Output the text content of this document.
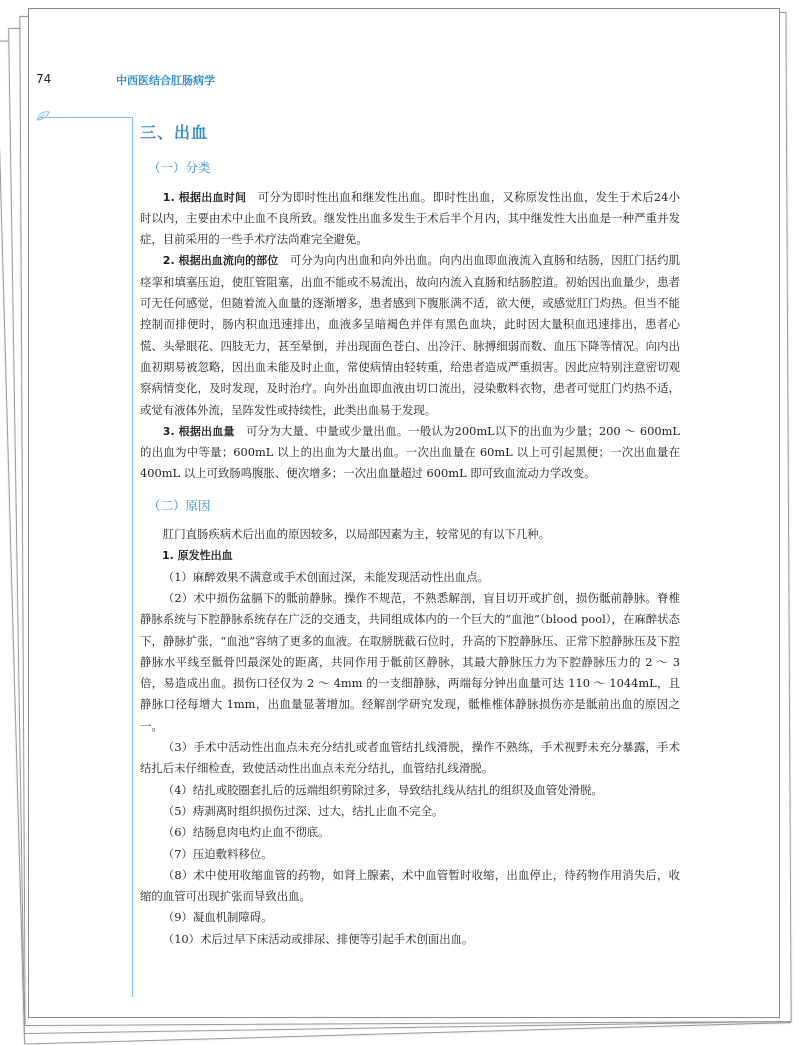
74	中西医结合肛肠病学
三、出血
（一）分类

1. 根据出血时间　可分为即时性出血和继发性出血。即时性出血，又称原发性出血，发生于术后24小时以内，主要由术中止血不良所致。继发性出血多发生于术后半个月内，其中继发性大出血是一种严重并发症，目前采用的一些手术疗法尚难完全避免。

2. 根据出血流向的部位　可分为向内出血和向外出血。向内出血即血液流入直肠和结肠，因肛门括约肌痉挛和填塞压迫，使肛管阻塞，出血不能或不易流出，故向内流入直肠和结肠腔道。初始因出血量少，患者可无任何感觉，但随着流入血量的逐渐增多，患者感到下腹胀满不适，欲大便，或感觉肛门灼热。但当不能控制而排便时，肠内积血迅速排出，血液多呈暗褐色并伴有黑色血块，此时因大量积血迅速排出，患者心慌、头晕眼花、四肢无力，甚至晕倒，并出现面色苍白、出冷汗、脉搏细弱而数、血压下降等情况。向内出血初期易被忽略，因出血未能及时止血，常使病情由轻转重，给患者造成严重损害。因此应特别注意密切观察病情变化，及时发现，及时治疗。向外出血即血液由切口流出，浸染敷料衣物，患者可觉肛门灼热不适，或觉有液体外流，呈阵发性或持续性，此类出血易于发现。

3. 根据出血量　可分为大量、中量或少量出血。一般认为200mL以下的出血为少量；200 ～ 600mL 的出血为中等量；600mL 以上的出血为大量出血。一次出血量在 60mL 以上可引起黑便；一次出血量在 400mL 以上可致肠鸣腹胀、便次增多；一次出血量超过 600mL 即可致血流动力学改变。

（二）原因

肛门直肠疾病术后出血的原因较多，以局部因素为主，较常见的有以下几种。

1. 原发性出血

（1）麻醉效果不满意或手术创面过深，未能发现活动性出血点。

（2）术中损伤盆膈下的骶前静脉。操作不规范，不熟悉解剖，盲目切开或扩创，损伤骶前静脉。脊椎静脉系统与下腔静脉系统存在广泛的交通支，共同组成体内的一个巨大的“血池”（blood pool），在麻醉状态下，静脉扩张，“血池”容纳了更多的血液。在取膀胱截石位时，升高的下腔静脉压、正常下腔静脉压及下腔静脉水平线至骶骨凹最深处的距离，共同作用于骶前区静脉，其最大静脉压力为下腔静脉压力的 2 ～ 3 倍，易造成出血。损伤口径仅为 2 ～ 4mm 的一支细静脉，两端每分钟出血量可达 110 ～ 1044mL，且静脉口径每增大 1mm，出血量显著增加。经解剖学研究发现，骶椎椎体静脉损伤亦是骶前出血的原因之一。

（3）手术中活动性出血点未充分结扎或者血管结扎线滑脱，操作不熟练，手术视野未充分暴露，手术结扎后未仔细检查，致使活动性出血点未充分结扎，血管结扎线滑脱。

（4）结扎或胶圈套扎后的远端组织剪除过多，导致结扎线从结扎的组织及血管处滑脱。

（5）痔剥离时组织损伤过深、过大，结扎止血不完全。

（6）结肠息肉电灼止血不彻底。

（7）压迫敷料移位。

（8）术中使用收缩血管的药物，如肾上腺素，术中血管暂时收缩，出血停止，待药物作用消失后，收缩的血管可出现扩张而导致出血。

（9）凝血机制障碍。

（10）术后过早下床活动或排尿、排便等引起手术创面出血。
